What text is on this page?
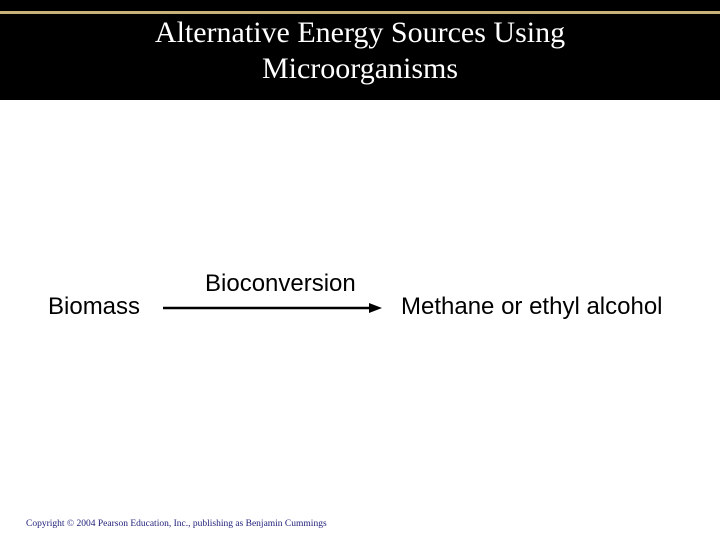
Alternative Energy Sources Using
Microorganisms
Biomass
Bioconversion
Methane or ethyl alcohol
Copyright © 2004 Pearson Education, Inc., publishing as Benjamin Cummings
